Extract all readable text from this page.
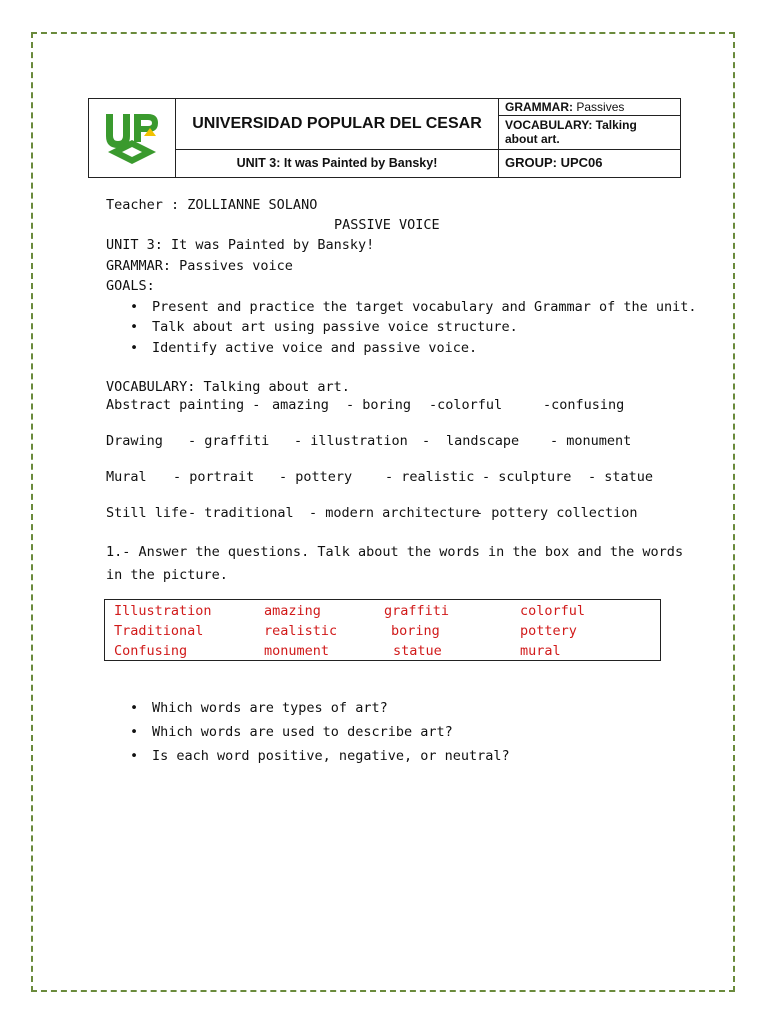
	UNIVERSIDAD POPULAR DEL CESAR	GRAMMAR: Passives

		VOCABULARY: Talking
about art.

	UNIT 3: It was Painted by Bansky!	GROUP: UPC06
Teacher : ZOLLIANNE SOLANO
PASSIVE VOICE
UNIT 3: It was Painted by Bansky!
GRAMMAR: Passives voice
GOALS:
• Present and practice the target vocabulary and Grammar of the unit.
• Talk about art using passive voice structure.
• Identify active voice and passive voice.
VOCABULARY: Talking about art.
Abstract painting - amazing - boring -colorful	-confusing
Drawing - graffiti - illustration - landscape - monument
Mural - portrait - pottery - realistic - sculpture - statue
Still life - traditional - modern architecture
- pottery collection
1.- Answer the questions. Talk about the words in the box and the words
in the picture.
Illustration	amazing	graffiti	colorful
Traditional	realistic	boring	pottery
Confusing	monument	statue	mural
• Which words are types of art?
• Which words are used to describe art?
• Is each word positive, negative, or neutral?
